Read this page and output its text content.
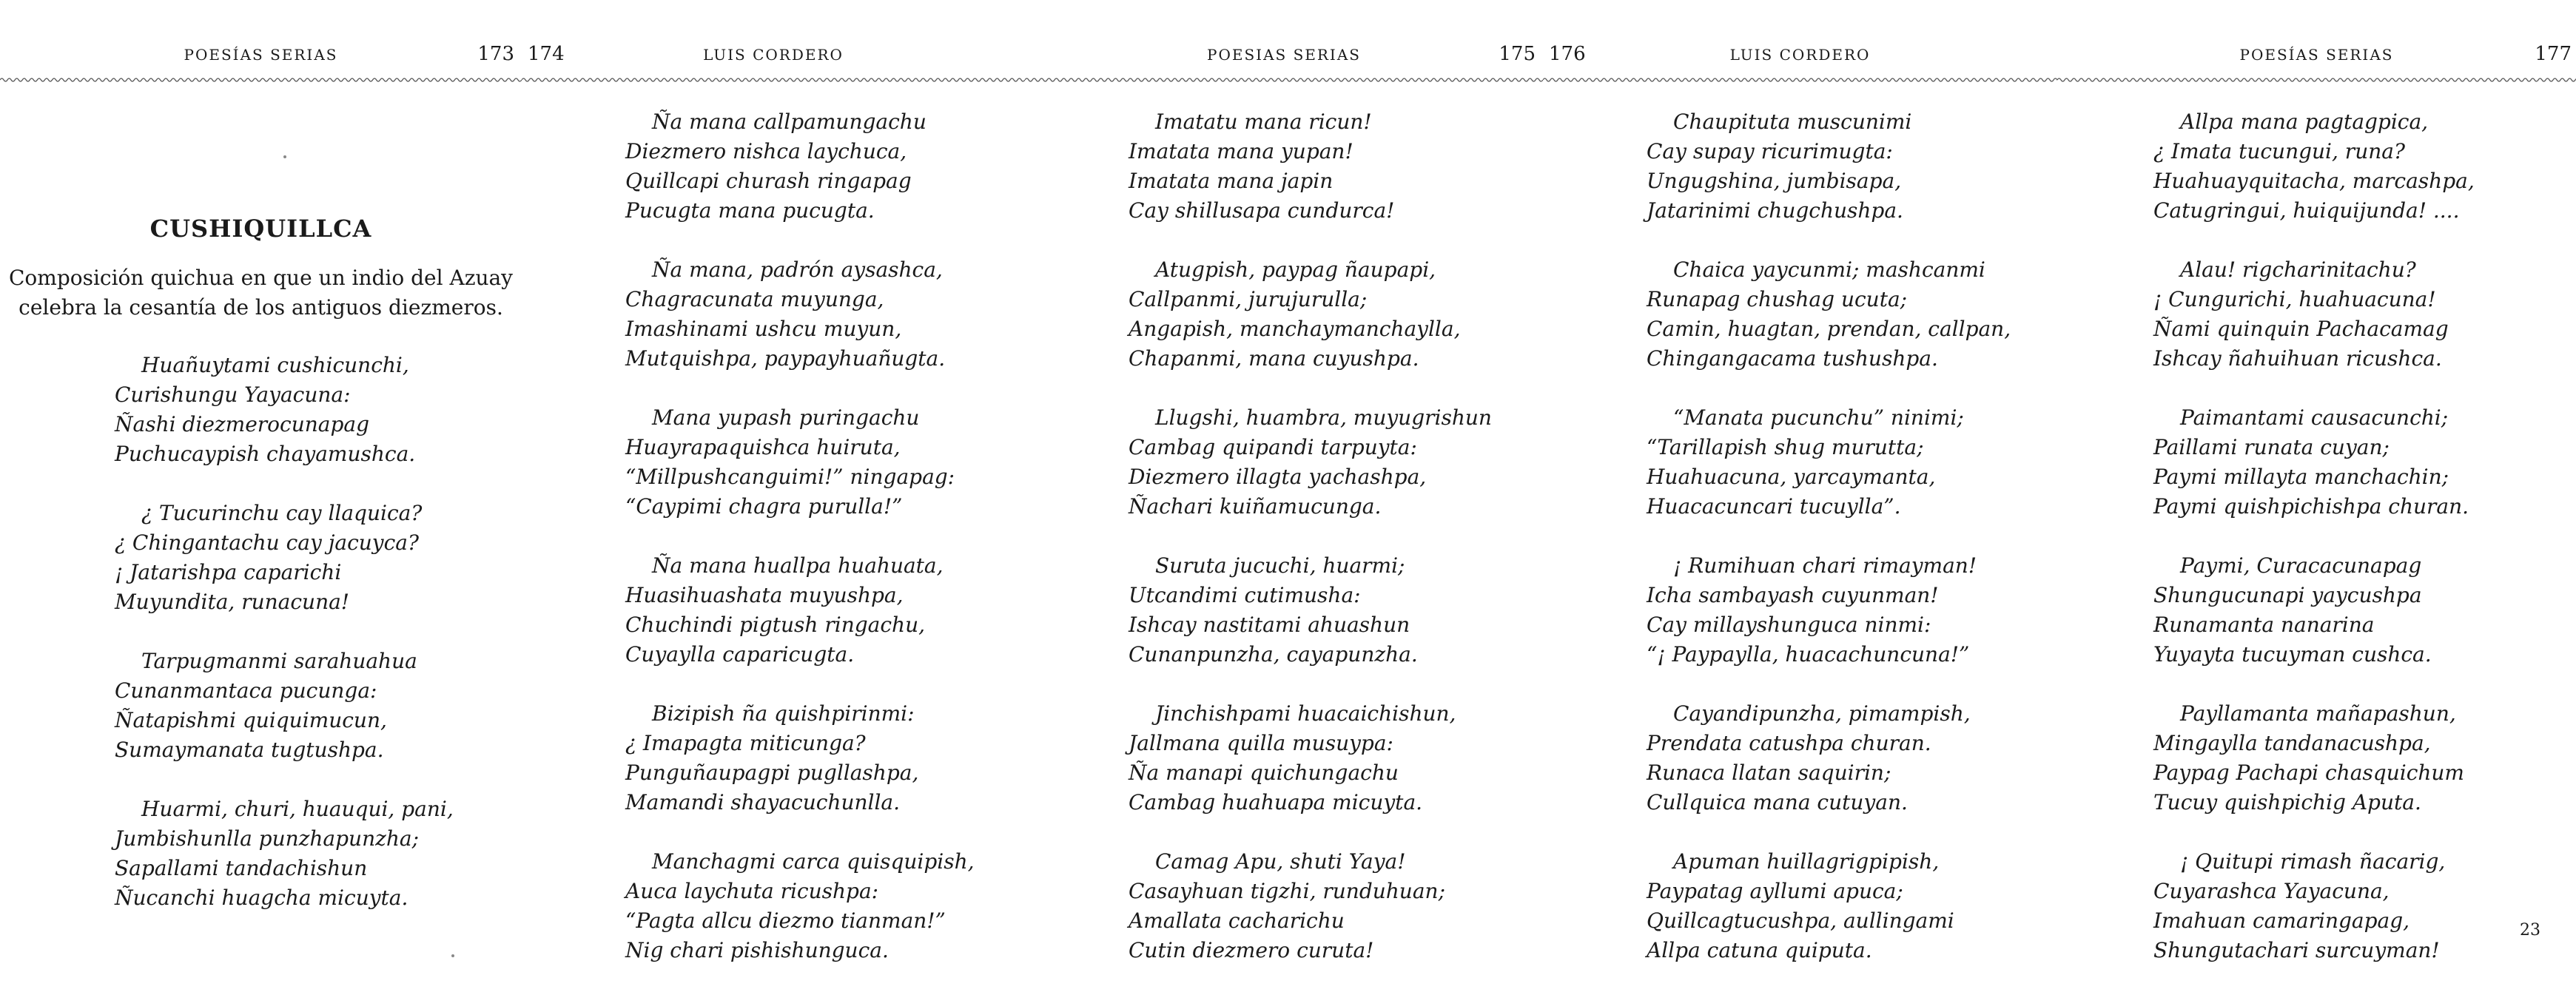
POESÍAS SERIAS	173
CUSHIQUILLCA
Composición quichua en que un indio del Azuay
celebra la cesantía de los antiguos diezmeros.
Huañuytami cushicunchi,
Curishungu Yayacuna:
Ñashi diezmerocunapag
Puchucaypish chayamushca.
¿ Tucurinchu cay llaquica?
¿ Chingantachu cay jacuyca?
¡ Jatarishpa caparichi
Muyundita, runacuna!
Tarpugmanmi sarahuahua
Cunanmantaca pucunga:
Ñatapishmi quiquimucun,
Sumaymanata tugtushpa.
Huarmi, churi, huauqui, pani,
Jumbishunlla punzhapunzha;
Sapallami tandachishun
Ñucanchi huagcha micuyta.
174	LUIS CORDERO
Ña mana callpamungachu
Diezmero nishca laychuca,
Quillcapi churash ringapag
Pucugta mana pucugta.
Ña mana, padrón aysashca,
Chagracunata muyunga,
Imashinami ushcu muyun,
Mutquishpa, paypayhuañugta.
Mana yupash puringachu
Huayrapaquishca huiruta,
“Millpushcanguimi!” ningapag:
“Caypimi chagra purulla!”
Ña mana huallpa huahuata,
Huasihuashata muyushpa,
Chuchindi pigtush ringachu,
Cuyaylla caparicugta.
Bizipish ña quishpirinmi:
¿ Imapagta miticunga?
Punguñaupagpi pugllashpa,
Mamandi shayacuchunlla.
Manchagmi carca quisquipish,
Auca laychuta ricushpa:
“Pagta allcu diezmo tianman!”
Nig chari pishishunguca.
POESIAS SERIAS	175
Imatatu mana ricun!
Imatata mana yupan!
Imatata mana japin
Cay shillusapa cundurca!
Atugpish, paypag ñaupapi,
Callpanmi, jurujurulla;
Angapish, manchaymanchaylla,
Chapanmi, mana cuyushpa.
Llugshi, huambra, muyugrishun
Cambag quipandi tarpuyta:
Diezmero illagta yachashpa,
Ñachari kuiñamucunga.
Suruta jucuchi, huarmi;
Utcandimi cutimusha:
Ishcay nastitami ahuashun
Cunanpunzha, cayapunzha.
Jinchishpami huacaichishun,
Jallmana quilla musuypa:
Ña manapi quichungachu
Cambag huahuapa micuyta.
Camag Apu, shuti Yaya!
Casayhuan tigzhi, runduhuan;
Amallata cacharichu
Cutin diezmero curuta!
176	LUIS CORDERO
Chaupituta muscunimi
Cay supay ricurimugta:
Ungugshina, jumbisapa,
Jatarinimi chugchushpa.
Chaica yaycunmi; mashcanmi
Runapag chushag ucuta;
Camin, huagtan, prendan, callpan,
Chingangacama tushushpa.
“Manata pucunchu” ninimi;
“Tarillapish shug murutta;
Huahuacuna, yarcaymanta,
Huacacuncari tucuylla”.
¡ Rumihuan chari rimayman!
Icha sambayash cuyunman!
Cay millayshunguca ninmi:
“¡ Paypaylla, huacachuncuna!”
Cayandipunzha, pimampish,
Prendata catushpa churan.
Runaca llatan saquirin;
Cullquica mana cutuyan.
Apuman huillagrigpipish,
Paypatag ayllumi apuca;
Quillcagtucushpa, aullingami
Allpa catuna quiputa.
POESÍAS SERIAS	177
Allpa mana pagtagpica,
¿ Imata tucungui, runa?
Huahuayquitacha, marcashpa,
Catugringui, huiquijunda! ....
Alau! rigcharinitachu?
¡ Cungurichi, huahuacuna!
Ñami quinquin Pachacamag
Ishcay ñahuihuan ricushca.
Paimantami causacunchi;
Paillami runata cuyan;
Paymi millayta manchachin;
Paymi quishpichishpa churan.
Paymi, Curacacunapag
Shungucunapi yaycushpa
Runamanta nanarina
Yuyayta tucuyman cushca.
Payllamanta mañapashun,
Mingaylla tandanacushpa,
Paypag Pachapi chasquichum
Tucuy quishpichig Aputa.
¡ Quitupi rimash ñacarig,
Cuyarashca Yayacuna,
Imahuan camaringapag,
Shungutachari surcuyman!
23
